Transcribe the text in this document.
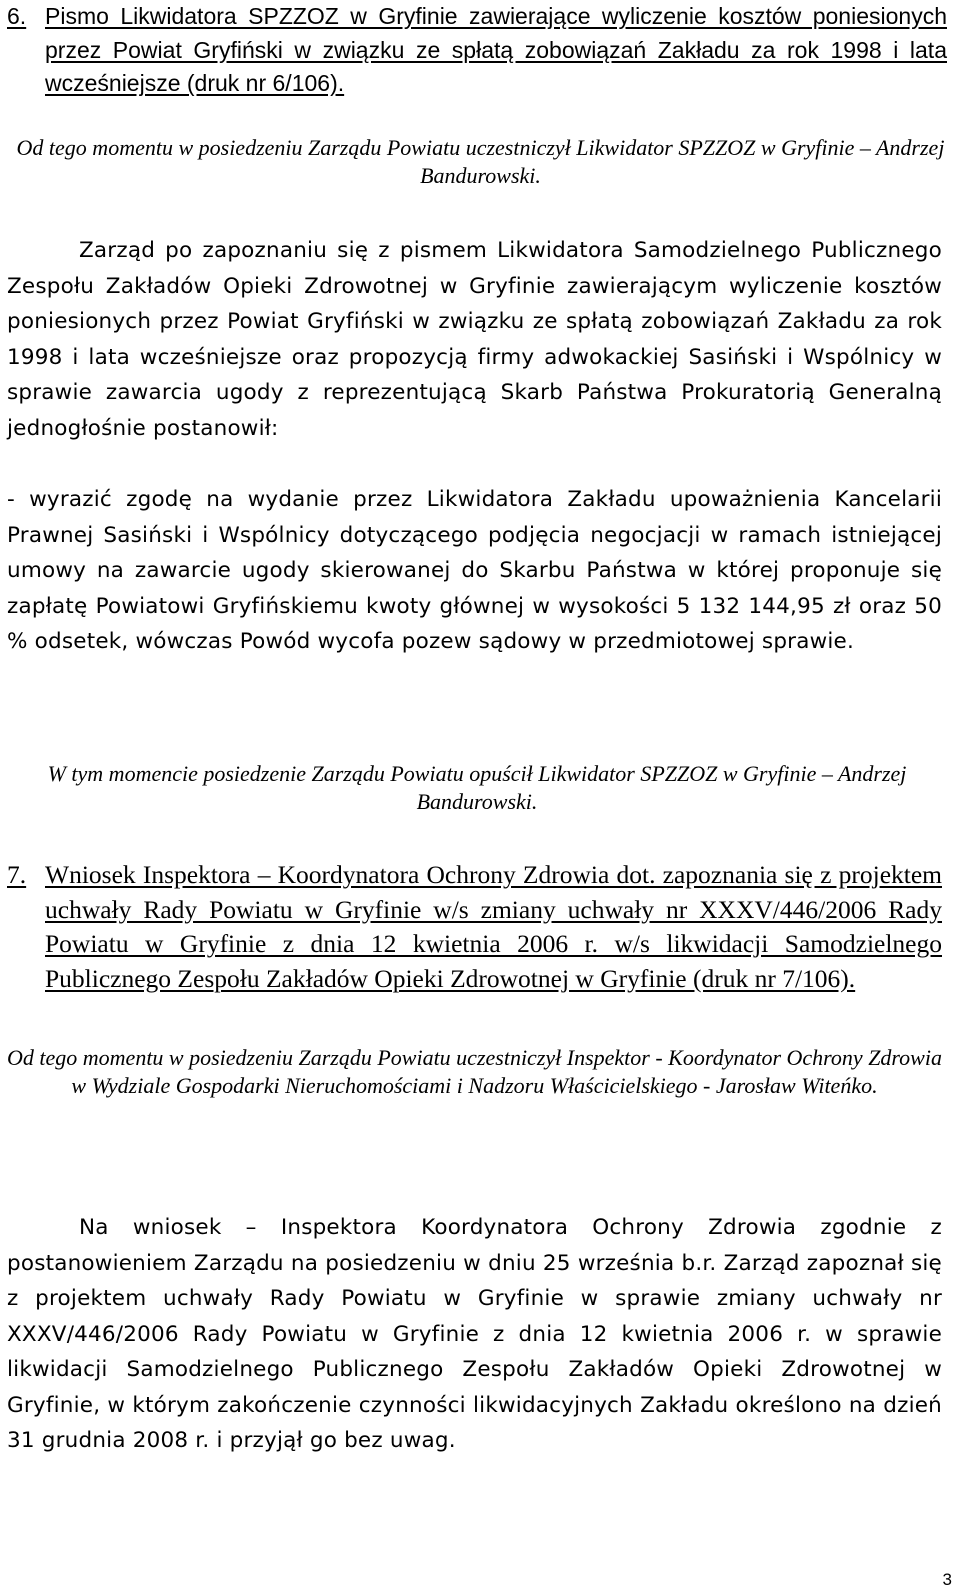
6. Pismo Likwidatora SPZZOZ w Gryfinie zawierające wyliczenie kosztów poniesionych przez Powiat Gryfiński w związku ze spłatą zobowiązań Zakładu za rok 1998 i lata wcześniejsze (druk nr 6/106).

Od tego momentu w posiedzeniu Zarządu Powiatu uczestniczył Likwidator SPZZOZ w Gryfinie – Andrzej Bandurowski.

Zarząd po zapoznaniu się z pismem Likwidatora Samodzielnego Publicznego Zespołu Zakładów Opieki Zdrowotnej w Gryfinie zawierającym wyliczenie kosztów poniesionych przez Powiat Gryfiński w związku ze spłatą zobowiązań Zakładu za rok 1998 i lata wcześniejsze oraz propozycją firmy adwokackiej Sasiński i Wspólnicy w sprawie zawarcia ugody z reprezentującą Skarb Państwa Prokuratorią Generalną jednogłośnie postanowił:

- wyrazić zgodę na wydanie przez Likwidatora Zakładu upoważnienia Kancelarii Prawnej Sasiński i Wspólnicy dotyczącego podjęcia negocjacji w ramach istniejącej umowy na zawarcie ugody skierowanej do Skarbu Państwa w której proponuje się zapłatę Powiatowi Gryfińskiemu kwoty głównej w wysokości 5 132 144,95 zł oraz 50 % odsetek, wówczas Powód wycofa pozew sądowy w przedmiotowej sprawie.

W tym momencie posiedzenie Zarządu Powiatu opuścił Likwidator SPZZOZ w Gryfinie – Andrzej Bandurowski.

7. Wniosek Inspektora – Koordynatora Ochrony Zdrowia dot. zapoznania się z projektem uchwały Rady Powiatu w Gryfinie w/s zmiany uchwały nr XXXV/446/2006 Rady Powiatu w Gryfinie z dnia 12 kwietnia 2006 r. w/s likwidacji Samodzielnego Publicznego Zespołu Zakładów Opieki Zdrowotnej w Gryfinie (druk nr 7/106).

Od tego momentu w posiedzeniu Zarządu Powiatu uczestniczył Inspektor - Koordynator Ochrony Zdrowia w Wydziale Gospodarki Nieruchomościami i Nadzoru Właścicielskiego - Jarosław Witeńko.

Na wniosek – Inspektora Koordynatora Ochrony Zdrowia zgodnie z postanowieniem Zarządu na posiedzeniu w dniu 25 września b.r. Zarząd zapoznał się z projektem uchwały Rady Powiatu w Gryfinie w sprawie zmiany uchwały nr XXXV/446/2006 Rady Powiatu w Gryfinie z dnia 12 kwietnia 2006 r. w sprawie likwidacji Samodzielnego Publicznego Zespołu Zakładów Opieki Zdrowotnej w Gryfinie, w którym zakończenie czynności likwidacyjnych Zakładu określono na dzień 31 grudnia 2008 r. i przyjął go bez uwag.

3
